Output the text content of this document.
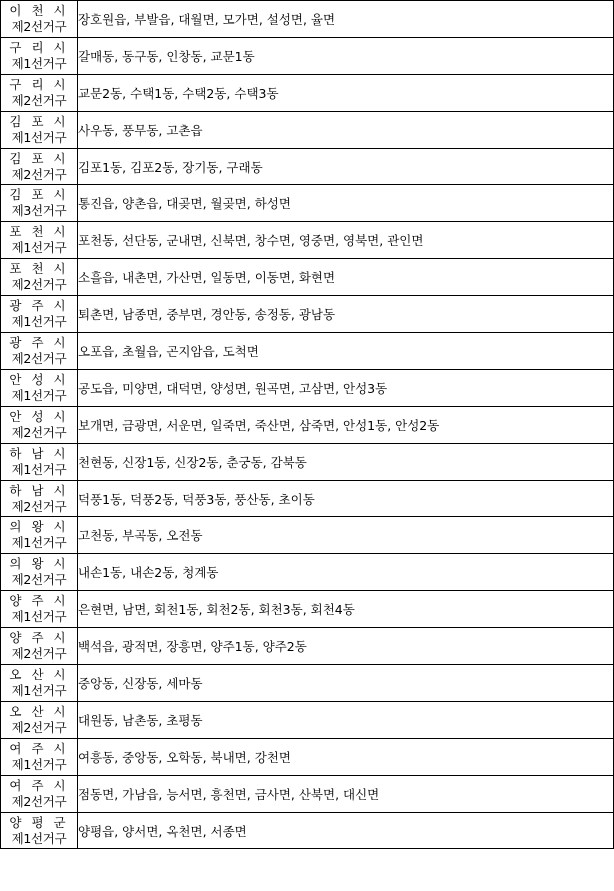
이 천 시
제2선거구	장호원읍, 부발읍, 대월면, 모가면, 설성면, 율면

구 리 시
제1선거구	갈매동, 동구동, 인창동, 교문1동

구 리 시
제2선거구	교문2동, 수택1동, 수택2동, 수택3동

김 포 시
제1선거구	사우동, 풍무동, 고촌읍

김 포 시
제2선거구	김포1동, 김포2동, 장기동, 구래동

김 포 시
제3선거구	통진읍, 양촌읍, 대곶면, 월곶면, 하성면

포 천 시
제1선거구	포천동, 선단동, 군내면, 신북면, 창수면, 영중면, 영북면, 관인면

포 천 시
제2선거구	소흘읍, 내촌면, 가산면, 일동면, 이동면, 화현면

광 주 시
제1선거구	퇴촌면, 남종면, 중부면, 경안동, 송정동, 광남동

광 주 시
제2선거구	오포읍, 초월읍, 곤지암읍, 도척면

안 성 시
제1선거구	공도읍, 미양면, 대덕면, 양성면, 원곡면, 고삼면, 안성3동

안 성 시
제2선거구	보개면, 금광면, 서운면, 일죽면, 죽산면, 삼죽면, 안성1동, 안성2동

하 남 시
제1선거구	천현동, 신장1동, 신장2동, 춘궁동, 감북동

하 남 시
제2선거구	덕풍1동, 덕풍2동, 덕풍3동, 풍산동, 초이동

의 왕 시
제1선거구	고천동, 부곡동, 오전동

의 왕 시
제2선거구	내손1동, 내손2동, 청계동

양 주 시
제1선거구	은현면, 남면, 회천1동, 회천2동, 회천3동, 회천4동

양 주 시
제2선거구	백석읍, 광적면, 장흥면, 양주1동, 양주2동

오 산 시
제1선거구	중앙동, 신장동, 세마동

오 산 시
제2선거구	대원동, 남촌동, 초평동

여 주 시
제1선거구	여흥동, 중앙동, 오학동, 북내면, 강천면

여 주 시
제2선거구	점동면, 가남읍, 능서면, 흥천면, 금사면, 산북면, 대신면

양 평 군
제1선거구	양평읍, 양서면, 옥천면, 서종면
